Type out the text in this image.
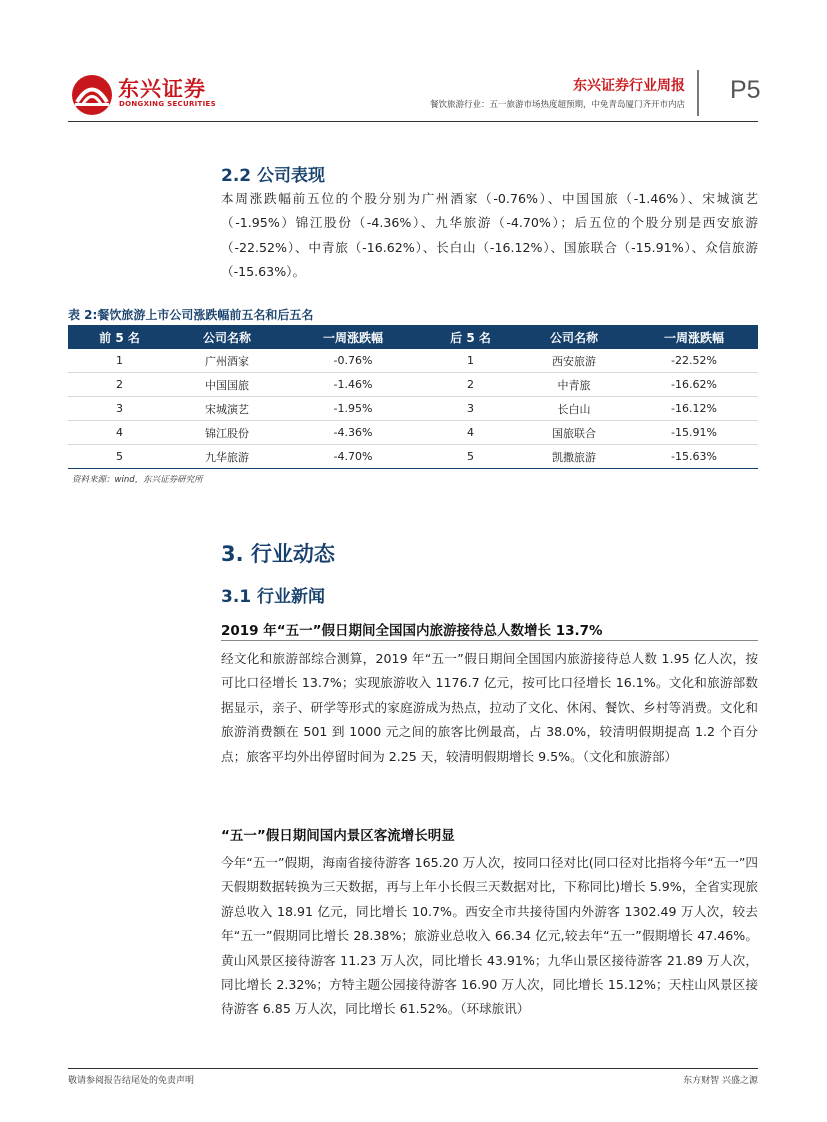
东兴证券
DONGXING SECURITIES
东兴证券行业周报
餐饮旅游行业：五一旅游市场热度超预期，中免青岛厦门齐开市内店
P5
2.2 公司表现
本周涨跌幅前五位的个股分别为广州酒家（-0.76%）、中国国旅（-1.46%）、宋城演艺（-1.95%）锦江股份（-4.36%）、九华旅游（-4.70%）；后五位的个股分别是西安旅游（-22.52%）、中青旅（-16.62%）、长白山（-16.12%）、国旅联合（-15.91%）、众信旅游（-15.63%）。
表 2:餐饮旅游上市公司涨跌幅前五名和后五名
前 5 名	公司名称	一周涨跌幅	后 5 名	公司名称	一周涨跌幅
1	广州酒家	-0.76%	1	西安旅游	-22.52%
2	中国国旅	-1.46%	2	中青旅	-16.62%
3	宋城演艺	-1.95%	3	长白山	-16.12%
4	锦江股份	-4.36%	4	国旅联合	-15.91%
5	九华旅游	-4.70%	5	凯撒旅游	-15.63%
资料来源：wind，东兴证券研究所
3. 行业动态
3.1 行业新闻
2019 年“五一”假日期间全国国内旅游接待总人数增长 13.7%
经文化和旅游部综合测算，2019 年“五一”假日期间全国国内旅游接待总人数 1.95 亿人次，按可比口径增长 13.7%；实现旅游收入 1176.7 亿元，按可比口径增长 16.1%。文化和旅游部数据显示，亲子、研学等形式的家庭游成为热点，拉动了文化、休闲、餐饮、乡村等消费。文化和旅游消费额在 501 到 1000 元之间的旅客比例最高，占 38.0%，较清明假期提高 1.2 个百分点；旅客平均外出停留时间为 2.25 天，较清明假期增长 9.5%。（文化和旅游部）
“五一”假日期间国内景区客流增长明显
今年“五一”假期，海南省接待游客 165.20 万人次，按同口径对比(同口径对比指将今年“五一”四天假期数据转换为三天数据，再与上年小长假三天数据对比，下称同比)增长 5.9%，全省实现旅游总收入 18.91 亿元，同比增长 10.7%。西安全市共接待国内外游客 1302.49 万人次，较去年“五一”假期同比增长 28.38%；旅游业总收入 66.34 亿元,较去年“五一”假期增长 47.46%。黄山风景区接待游客 11.23 万人次，同比增长 43.91%；九华山景区接待游客 21.89 万人次，同比增长 2.32%；方特主题公园接待游客 16.90 万人次，同比增长 15.12%；天柱山风景区接待游客 6.85 万人次，同比增长 61.52%。（环球旅讯）
敬请参阅报告结尾处的免责声明	东方财智 兴盛之源
